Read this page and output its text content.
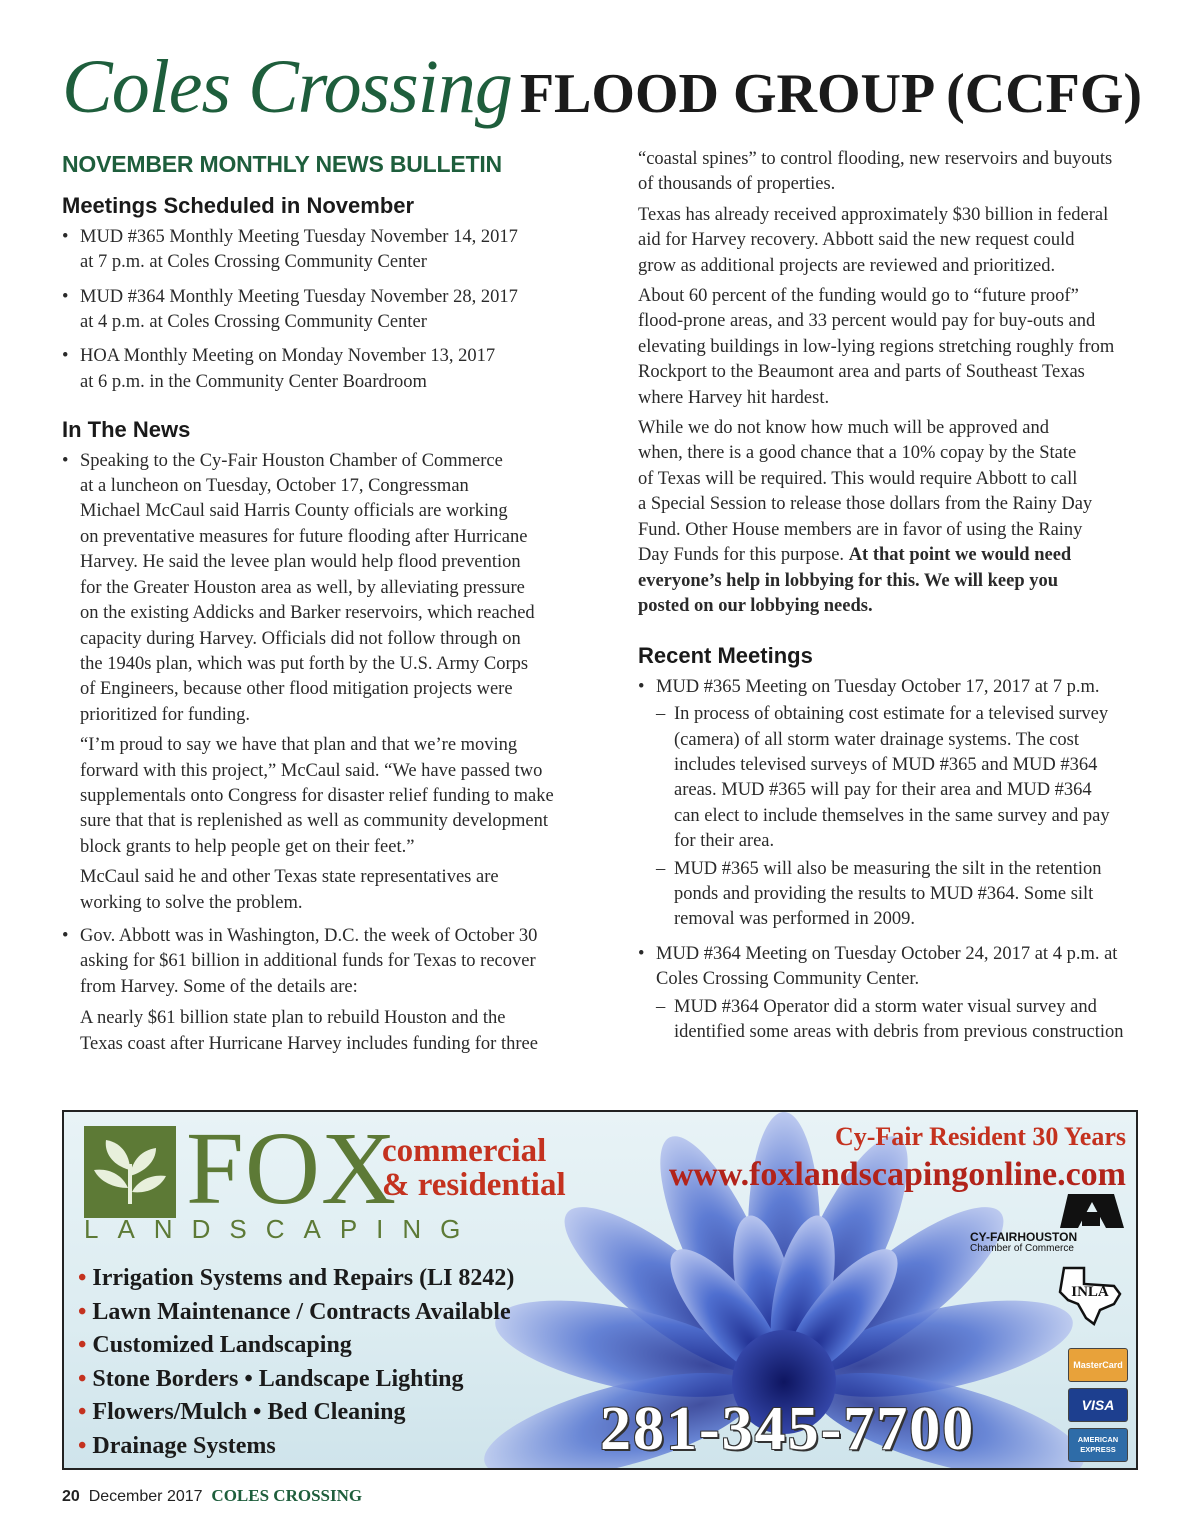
Coles Crossing FLOOD GROUP (CCFG)
NOVEMBER MONTHLY NEWS BULLETIN
Meetings Scheduled in November
• MUD #365 Monthly Meeting Tuesday November 14, 2017
at 7 p.m. at Coles Crossing Community Center
• MUD #364 Monthly Meeting Tuesday November 28, 2017
at 4 p.m. at Coles Crossing Community Center
• HOA Monthly Meeting on Monday November 13, 2017
at 6 p.m. in the Community Center Boardroom
In The News
• Speaking to the Cy-Fair Houston Chamber of Commerce
at a luncheon on Tuesday, October 17, Congressman
Michael McCaul said Harris County officials are working
on preventative measures for future flooding after Hurricane
Harvey. He said the levee plan would help flood prevention
for the Greater Houston area as well, by alleviating pressure
on the existing Addicks and Barker reservoirs, which reached
capacity during Harvey. Officials did not follow through on
the 1940s plan, which was put forth by the U.S. Army Corps
of Engineers, because other flood mitigation projects were
prioritized for funding.
“I’m proud to say we have that plan and that we’re moving
forward with this project,” McCaul said. “We have passed two
supplementals onto Congress for disaster relief funding to make
sure that that is replenished as well as community development
block grants to help people get on their feet.”
McCaul said he and other Texas state representatives are
working to solve the problem.
• Gov. Abbott was in Washington, D.C. the week of October 30
asking for $61 billion in additional funds for Texas to recover
from Harvey. Some of the details are:
A nearly $61 billion state plan to rebuild Houston and the
Texas coast after Hurricane Harvey includes funding for three
“coastal spines” to control flooding, new reservoirs and buyouts
of thousands of properties.
Texas has already received approximately $30 billion in federal
aid for Harvey recovery. Abbott said the new request could
grow as additional projects are reviewed and prioritized.
About 60 percent of the funding would go to “future proof”
flood-prone areas, and 33 percent would pay for buy-outs and
elevating buildings in low-lying regions stretching roughly from
Rockport to the Beaumont area and parts of Southeast Texas
where Harvey hit hardest.
While we do not know how much will be approved and
when, there is a good chance that a 10% copay by the State
of Texas will be required. This would require Abbott to call
a Special Session to release those dollars from the Rainy Day
Fund. Other House members are in favor of using the Rainy
Day Funds for this purpose. At that point we would need
everyone’s help in lobbying for this. We will keep you
posted on our lobbying needs.
Recent Meetings
• MUD #365 Meeting on Tuesday October 17, 2017 at 7 p.m.
– In process of obtaining cost estimate for a televised survey
(camera) of all storm water drainage systems. The cost
includes televised surveys of MUD #365 and MUD #364
areas. MUD #365 will pay for their area and MUD #364
can elect to include themselves in the same survey and pay
for their area.
– MUD #365 will also be measuring the silt in the retention
ponds and providing the results to MUD #364. Some silt
removal was performed in 2009.
• MUD #364 Meeting on Tuesday October 24, 2017 at 4 p.m. at
Coles Crossing Community Center.
– MUD #364 Operator did a storm water visual survey and
identified some areas with debris from previous construction
FOX
commercial
& residential
LANDSCAPING
• Irrigation Systems and Repairs (LI 8242)
• Lawn Maintenance / Contracts Available
• Customized Landscaping
• Stone Borders • Landscape Lighting
• Flowers/Mulch • Bed Cleaning
• Drainage Systems
Cy-Fair Resident 30 Years
www.foxlandscapingonline.com
CY-FAIRHOUSTON
Chamber of Commerce
INLA
MasterCard
VISA
AMERICAN
EXPRESS
281-345-7700
20 December 2017 COLES CROSSING
